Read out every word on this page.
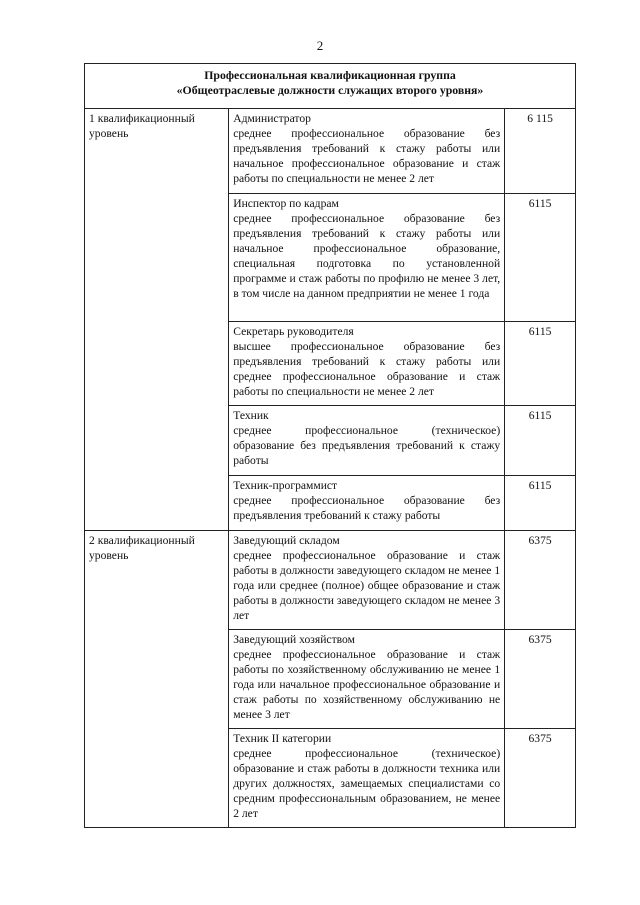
2
Профессиональная квалификационная группа
«Общеотраслевые должности служащих второго уровня»		

1 квалификационный уровень	Администратор
среднее профессиональное образование без предъявления требований к стажу работы или начальное профессиональное образование и стаж работы по специальности не менее 2 лет	6 115

	Инспектор по кадрам
среднее профессиональное образование без предъявления требований к стажу работы или начальное профессиональное образование, специальная подготовка по установленной программе и стаж работы по профилю не менее 3 лет, в том числе на данном предприятии не менее 1 года	6115

	Секретарь руководителя
высшее профессиональное образование без предъявления требований к стажу работы или среднее профессиональное образование и стаж работы по специальности не менее 2 лет	6115

	Техник
среднее профессиональное (техническое) образование без предъявления требований к стажу работы	6115

	Техник-программист
среднее профессиональное образование без предъявления требований к стажу работы	6115
2 квалификационный уровень	Заведующий складом
среднее профессиональное образование и стаж работы в должности заведующего складом не менее 1 года или среднее (полное) общее образование и стаж работы в должности заведующего складом не менее 3 лет	6375

	Заведующий хозяйством
среднее профессиональное образование и стаж работы по хозяйственному обслуживанию не менее 1 года или начальное профессиональное образование и стаж работы по хозяйственному обслуживанию не менее 3 лет	6375

	Техник II категории
среднее профессиональное (техническое) образование и стаж работы в должности техника или других должностях, замещаемых специалистами со средним профессиональным образованием, не менее 2 лет	6375
